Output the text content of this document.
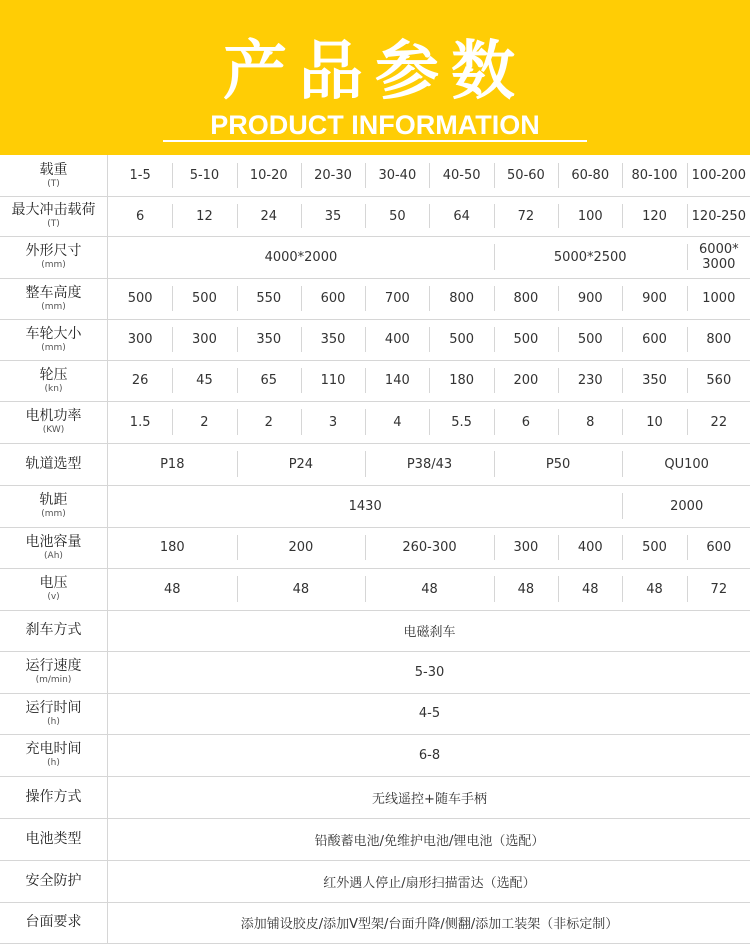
产品参数
PRODUCT INFORMATION
载重
(T)
1-5	5-10	10-20	20-30	30-40	40-50	50-60	60-80	80-100	100-200
最大冲击载荷
(T)
6	12	24	35	50	64	72	100	120	120-250
外形尺寸
(mm)
4000*2000	5000*2500	6000*
3000
整车高度
(mm)
500	500	550	600	700	800	800	900	900	1000
车轮大小
(mm)
300	300	350	350	400	500	500	500	600	800
轮压
(kn)
26	45	65	110	140	180	200	230	350	560
电机功率
(KW)
1.5	2	2	3	4	5.5	6	8	10	22
轨道选型	P18	P24	P38/43	P50	QU100
轨距
(mm)
1430	2000
电池容量
(Ah)
180	200	260-300	300	400	500	600
电压
(v)
48	48	48	48	48	48	72
刹车方式	电磁刹车
运行速度
(m/min)
5-30
运行时间
(h)
4-5
充电时间
(h)
6-8
操作方式	无线遥控+随车手柄
电池类型	铅酸蓄电池/免维护电池/锂电池（选配）
安全防护	红外遇人停止/扇形扫描雷达（选配）
台面要求	添加铺设胶皮/添加V型架/台面升降/侧翻/添加工装架（非标定制）
